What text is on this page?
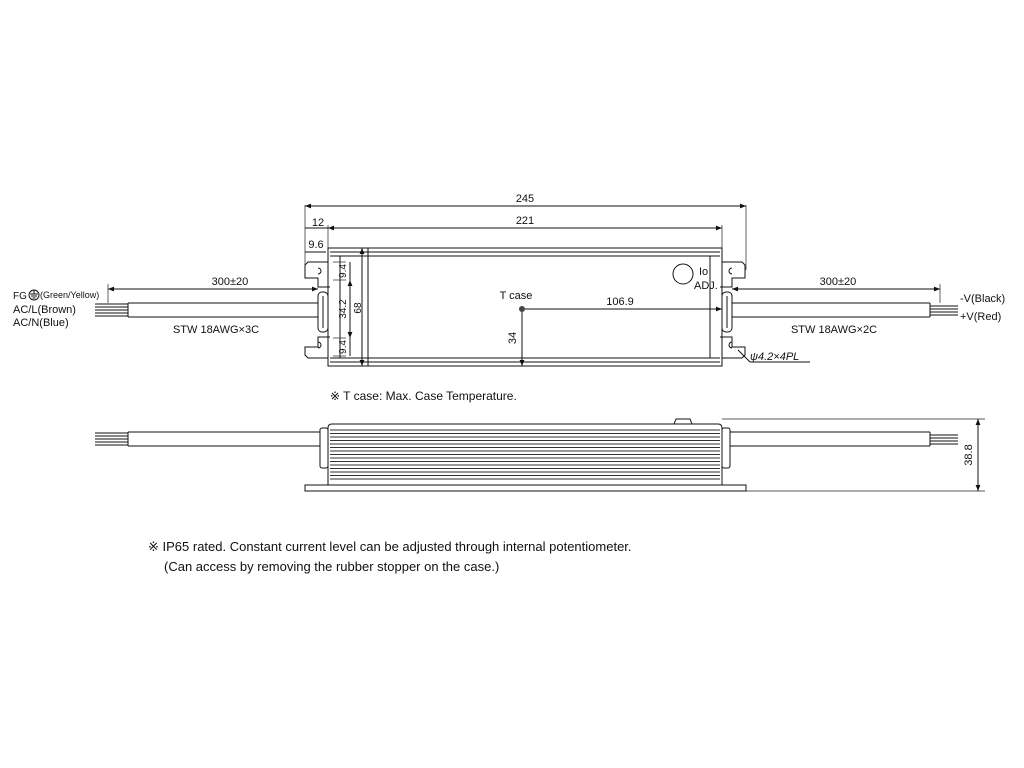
245
221
12
9.6
9.4
34.2
9.4
68
T case	106.9
34
Io
ADJ.
ψ4.2×4PL
300±20
STW 18AWG×3C
FG (Green/Yellow)
AC/L(Brown)
AC/N(Blue)
300±20
STW 18AWG×2C
-V(Black)
+V(Red)
※ T case: Max. Case Temperature.
38.8
※ IP65 rated. Constant current level can be adjusted through internal potentiometer.
(Can access by removing the rubber stopper on the case.)
